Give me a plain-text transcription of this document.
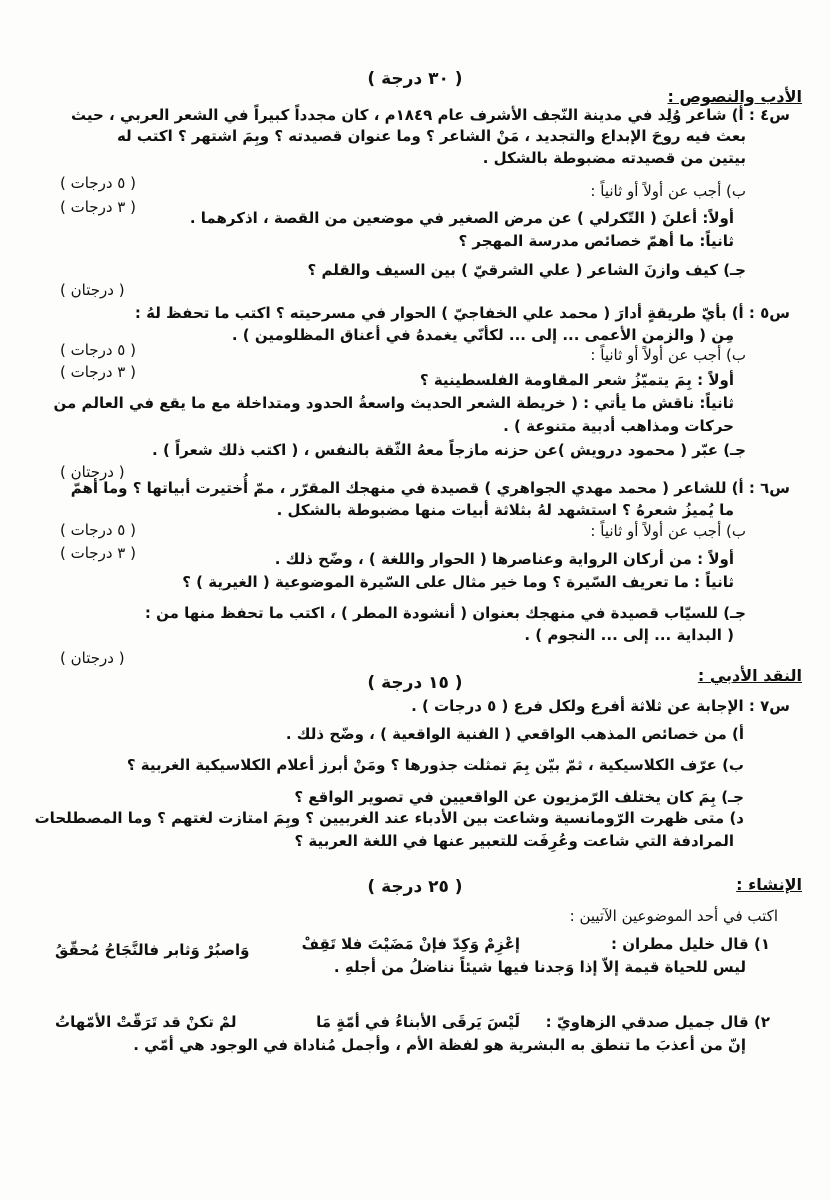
( ٣٠ درجة )
الأدب والنصوص :
س٤ : أ) شاعر وُلِد في مدينة النّجف الأشرف عام ١٨٤٩م ، كان مجدداً كبيراً في الشعر العربي ، حيث
بعث فيه روحَ الإبداع والتجديد ، مَنْ الشاعر ؟ وما عنوان قصيدته ؟ وبِمَ اشتهر ؟ اكتب له
بيتين من قصيدته مضبوطة بالشكل .
( ٥ درجات )	ب) أجب عن أولاً أو ثانياً :
( ٣ درجات )
أولاً: أعلنَ ( التّكرلي ) عن مرض الصغير في موضعين من القصة ، اذكرهما .
ثانياً: ما أهمّ خصائص مدرسة المهجر ؟
جـ) كيف وازنَ الشاعر ( علي الشرقيّ ) بين السيف والقلم ؟
( درجتان )
س٥ : أ) بأيّ طريقةٍ أدارَ ( محمد علي الخفاجيّ ) الحوار في مسرحيته ؟ اكتب ما تحفظ لهُ :
مِن ( والزمن الأعمى ... إلى ... لكأنّي يغمدهُ في أعناق المظلومين ) .
( ٥ درجات )	ب) أجب عن أولاً أو ثانياً :
( ٣ درجات )	أولاً : بِمَ يتميّزُ شعر المقاومة الفلسطينية ؟
ثانياً: ناقش ما يأتي : ( خريطة الشعر الحديث واسعةُ الحدود ومتداخلة مع ما يقع في العالم من
حركات ومذاهب أدبية متنوعة ) .
جـ) عبّر ( محمود درويش )عن حزنه مازجاً معهُ الثّقة بالنفس ، ( اكتب ذلك شعراً ) .
( درجتان )
س٦ : أ) للشاعر ( محمد مهدي الجواهري ) قصيدة في منهجك المقرّر ، ممّ أُختيرت أبياتها ؟ وما أهمّ
ما يُميزُ شعرهُ ؟ استشهد لهُ بثلاثة أبيات منها مضبوطة بالشكل .
ب) أجب عن أولاً أو ثانياً :
( ٥ درجات )
( ٣ درجات )	أولاً : من أركان الرواية وعناصرها ( الحوار واللغة ) ، وضّح ذلك .
ثانياً : ما تعريف السّيرة ؟ وما خير مثال على السّيرة الموضوعية ( الغيرية ) ؟
جـ) للسيّاب قصيدة في منهجك بعنوان ( أنشودة المطر ) ، اكتب ما تحفظ منها من :
( البداية ... إلى ... النجوم ) .
( درجتان )
( ١٥ درجة )	النقد الأدبي :
س٧ : الإجابة عن ثلاثة أفرع ولكل فرع ( ٥ درجات ) .
أ) من خصائص المذهب الواقعي ( الفنية الواقعية ) ، وضّح ذلك .
ب) عرّف الكلاسيكية ، ثمّ بيّن بِمَ تمثلت جذورها ؟ ومَنْ أبرز أعلام الكلاسيكية الغربية ؟
جـ) بِمَ كان يختلف الرّمزيون عن الواقعيين في تصوير الواقع ؟
د) متى ظهرت الرّومانسية وشاعت بين الأدباء عند الغربيين ؟ وبِمَ امتازت لغتهم ؟ وما المصطلحات
المرادفة التي شاعت وعُرِفَت للتعبير عنها في اللغة العربية ؟
( ٢٥ درجة )	الإنشاء :
اكتب في أحد الموضوعين الآتيين :
١) قال خليل مطران :
إعْزِمْ وَكِدّ فإنْ مَضَيْتَ فلا تَقِفْ
وَاصبُرْ وَثابر فالنَّجَاحُ مُحقّقُ
ليس للحياة قيمة إلاّ إذا وَجدنا فيها شيئاً نناضلُ من أجلهِ .
٢) قال جميل صدقي الزهاويّ :
لَيْسَ يَرقَى الأبناءُ في أمّةٍ مَا
لمْ تكنْ قد تَرَقّتْ الأمّهاتُ
إنّ من أعذبَ ما تنطق به البشرية هو لفظة الأم ، وأجمل مُناداة في الوجود هي أمّي .
